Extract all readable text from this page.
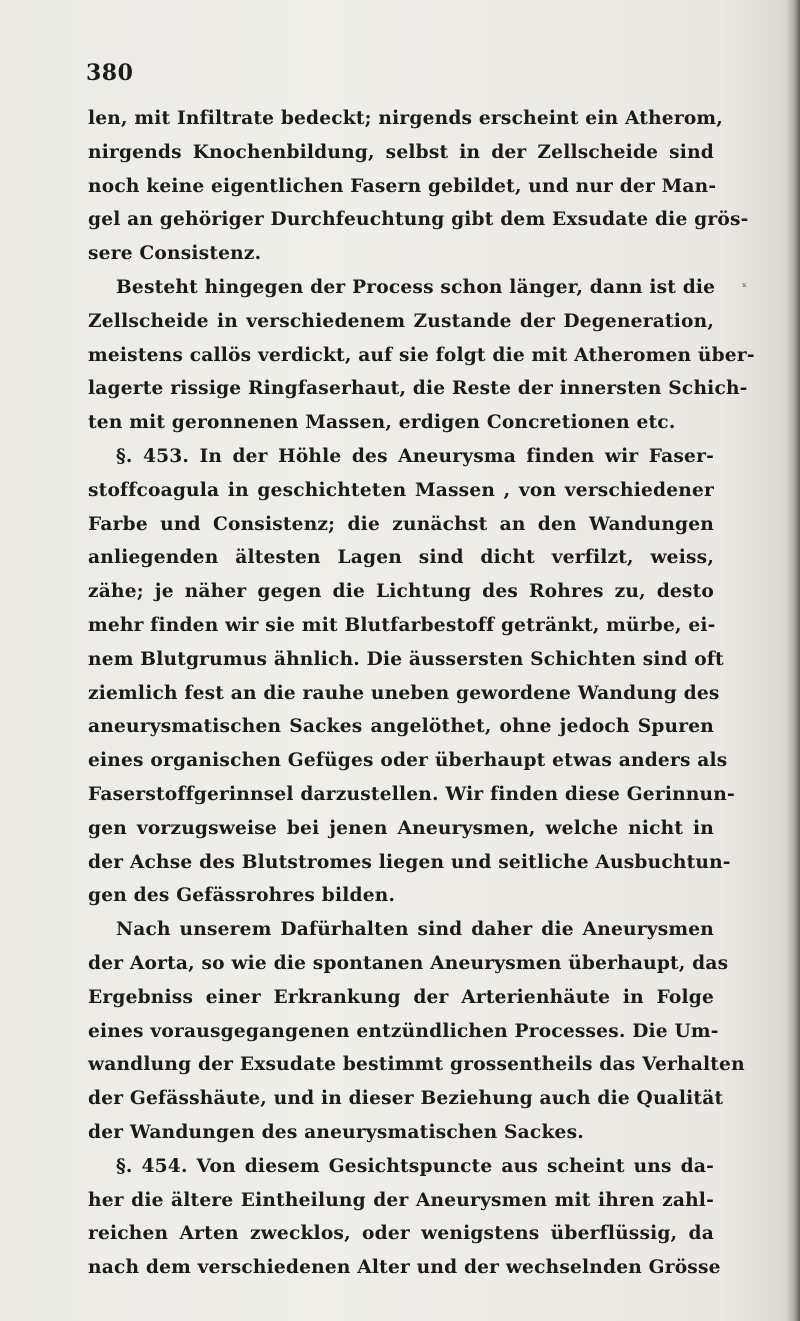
380
ˣ
len, mit Infiltrate bedeckt; nirgends erscheint ein Atherom,
nirgends Knochenbildung, selbst in der Zellscheide sind
noch keine eigentlichen Fasern gebildet, und nur der Man-
gel an gehöriger Durchfeuchtung gibt dem Exsudate die grös-
sere Consistenz.
Besteht hingegen der Process schon länger, dann ist die
Zellscheide in verschiedenem Zustande der Degeneration,
meistens callös verdickt, auf sie folgt die mit Atheromen über-
lagerte rissige Ringfaserhaut, die Reste der innersten Schich-
ten mit geronnenen Massen, erdigen Concretionen etc.
§. 453. In der Höhle des Aneurysma finden wir Faser-
stoffcoagula in geschichteten Massen , von verschiedener
Farbe und Consistenz; die zunächst an den Wandungen
anliegenden ältesten Lagen sind dicht verfilzt, weiss,
zähe; je näher gegen die Lichtung des Rohres zu, desto
mehr finden wir sie mit Blutfarbestoff getränkt, mürbe, ei-
nem Blutgrumus ähnlich. Die äussersten Schichten sind oft
ziemlich fest an die rauhe uneben gewordene Wandung des
aneurysmatischen Sackes angelöthet, ohne jedoch Spuren
eines organischen Gefüges oder überhaupt etwas anders als
Faserstoffgerinnsel darzustellen. Wir finden diese Gerinnun-
gen vorzugsweise bei jenen Aneurysmen, welche nicht in
der Achse des Blutstromes liegen und seitliche Ausbuchtun-
gen des Gefässrohres bilden.
Nach unserem Dafürhalten sind daher die Aneurysmen
der Aorta, so wie die spontanen Aneurysmen überhaupt, das
Ergebniss einer Erkrankung der Arterienhäute in Folge
eines vorausgegangenen entzündlichen Processes. Die Um-
wandlung der Exsudate bestimmt grossentheils das Verhalten
der Gefässhäute, und in dieser Beziehung auch die Qualität
der Wandungen des aneurysmatischen Sackes.
§. 454. Von diesem Gesichtspuncte aus scheint uns da-
her die ältere Eintheilung der Aneurysmen mit ihren zahl-
reichen Arten zwecklos, oder wenigstens überflüssig, da
nach dem verschiedenen Alter und der wechselnden Grösse
